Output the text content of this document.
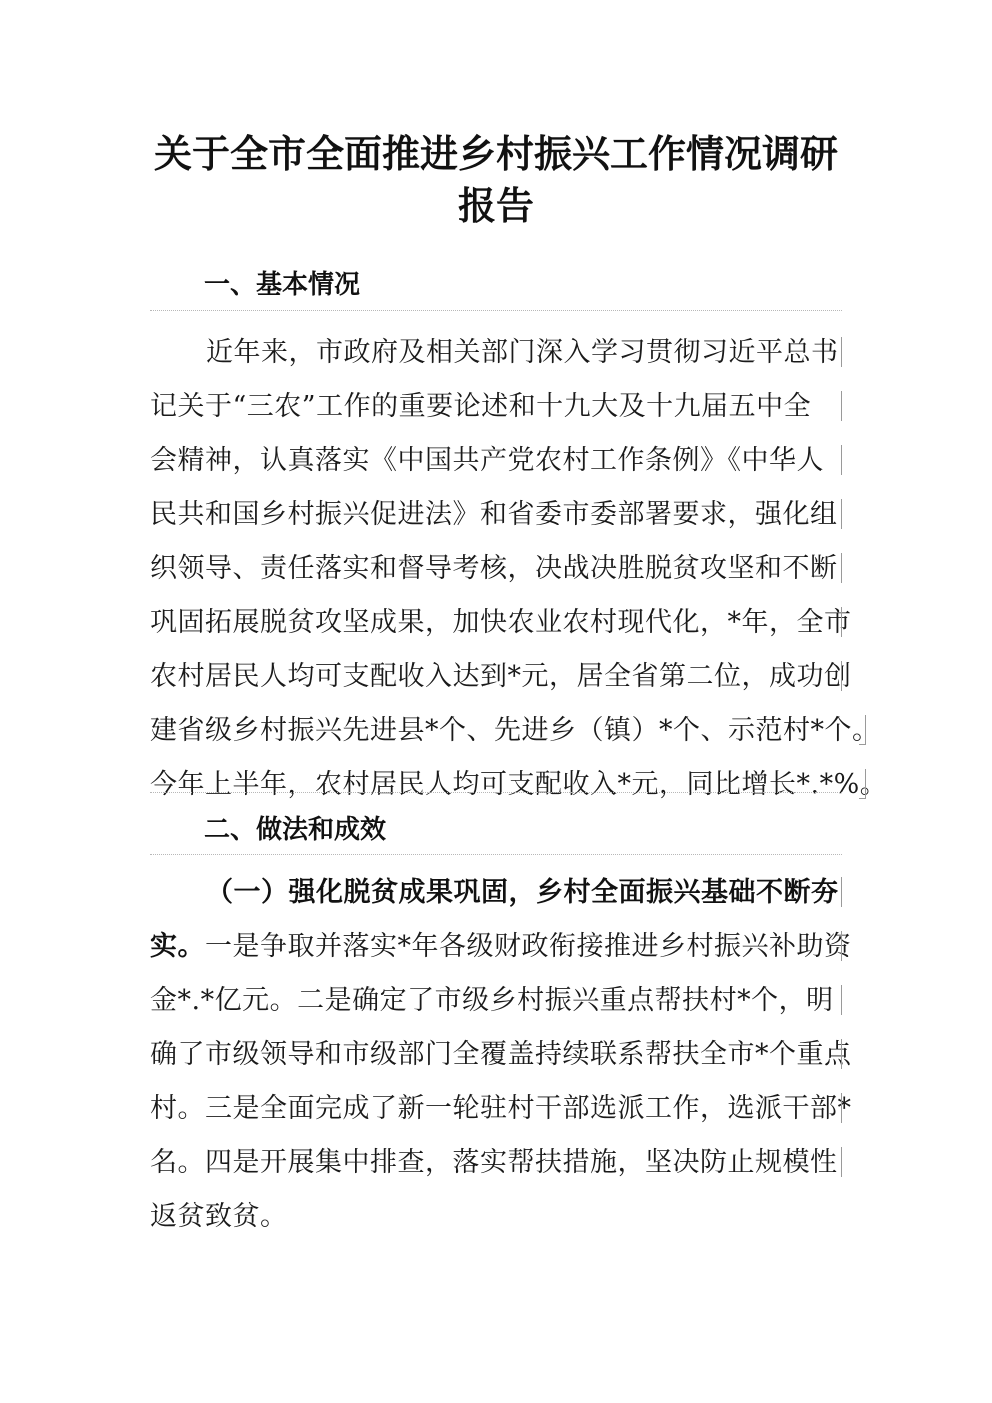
关于全市全面推进乡村振兴工作情况调研
报告
一、基本情况
近年来，市政府及相关部门深入学习贯彻习近平总书
记关于“三农”工作的重要论述和十九大及十九届五中全
会精神，认真落实《中国共产党农村工作条例》《中华人
民共和国乡村振兴促进法》和省委市委部署要求，强化组
织领导、责任落实和督导考核，决战决胜脱贫攻坚和不断
巩固拓展脱贫攻坚成果，加快农业农村现代化，*年，全市
农村居民人均可支配收入达到*元，居全省第二位，成功创
建省级乡村振兴先进县*个、先进乡（镇）*个、示范村*个。
今年上半年，农村居民人均可支配收入*元，同比增长*.*%。
二、做法和成效
（一）强化脱贫成果巩固，乡村全面振兴基础不断夯
实。一是争取并落实*年各级财政衔接推进乡村振兴补助资
金*.*亿元。二是确定了市级乡村振兴重点帮扶村*个，明
确了市级领导和市级部门全覆盖持续联系帮扶全市*个重点
村。三是全面完成了新一轮驻村干部选派工作，选派干部*
名。四是开展集中排查，落实帮扶措施，坚决防止规模性
返贫致贫。
